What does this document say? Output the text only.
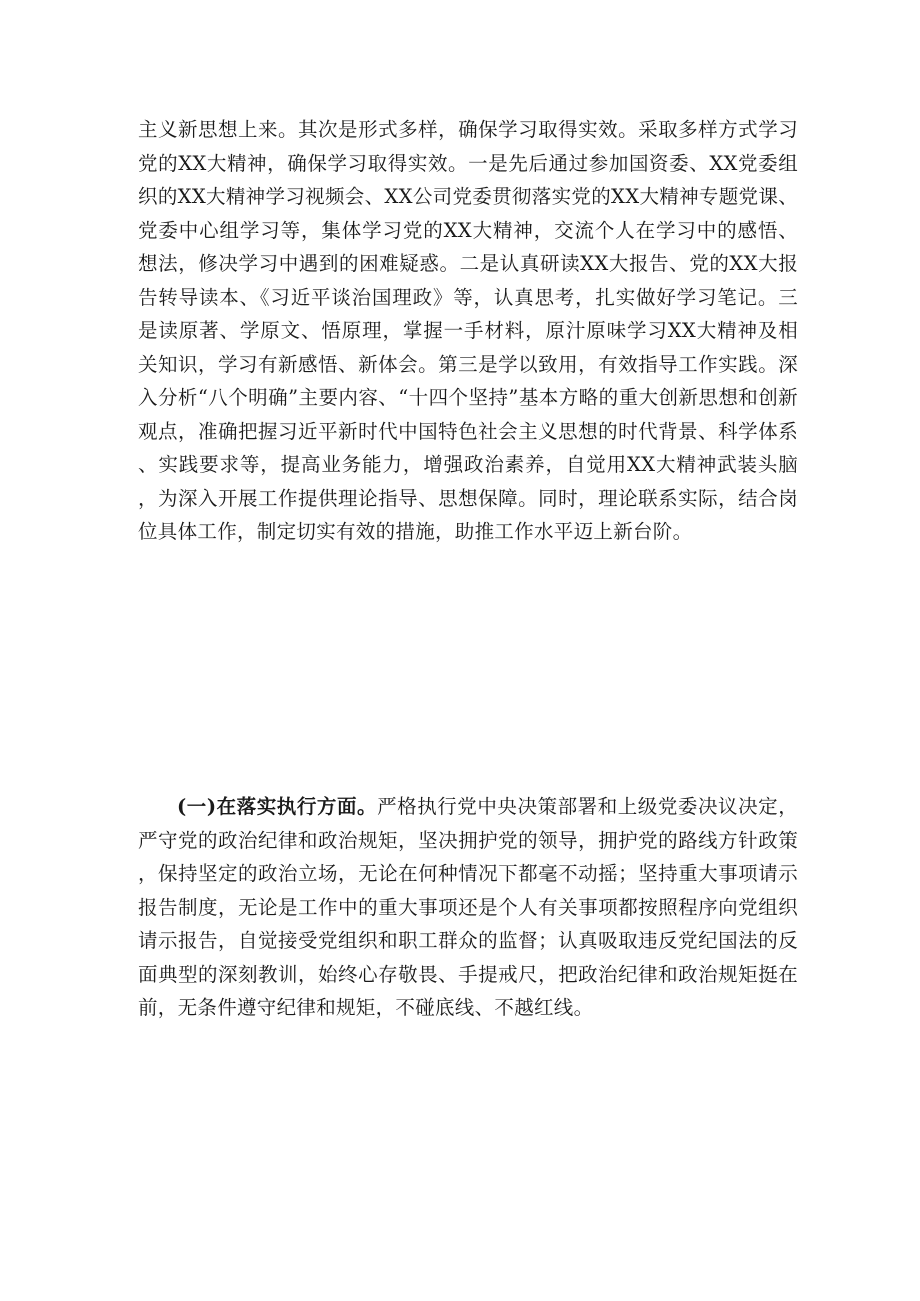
主义新思想上来。其次是形式多样，确保学习取得实效。采取多样方式学习党的XX大精神，确保学习取得实效。一是先后通过参加国资委、XX党委组织的XX大精神学习视频会、XX公司党委贯彻落实党的XX大精神专题党课、党委中心组学习等，集体学习党的XX大精神，交流个人在学习中的感悟、想法，修决学习中遇到的困难疑惑。二是认真研读XX大报告、党的XX大报告转导读本、《习近平谈治国理政》等，认真思考，扎实做好学习笔记。三是读原著、学原文、悟原理，掌握一手材料，原汁原味学习XX大精神及相关知识，学习有新感悟、新体会。第三是学以致用，有效指导工作实践。深入分析“八个明确”主要内容、“十四个坚持”基本方略的重大创新思想和创新观点，准确把握习近平新时代中国特色社会主义思想的时代背景、科学体系、实践要求等，提高业务能力，增强政治素养，自觉用XX大精神武装头脑，为深入开展工作提供理论指导、思想保障。同时，理论联系实际，结合岗位具体工作，制定切实有效的措施，助推工作水平迈上新台阶。

(一)在落实执行方面。严格执行党中央决策部署和上级党委决议决定，严守党的政治纪律和政治规矩，坚决拥护党的领导，拥护党的路线方针政策，保持坚定的政治立场，无论在何种情况下都毫不动摇；坚持重大事项请示报告制度，无论是工作中的重大事项还是个人有关事项都按照程序向党组织请示报告，自觉接受党组织和职工群众的监督；认真吸取违反党纪国法的反面典型的深刻教训，始终心存敬畏、手提戒尺，把政治纪律和政治规矩挺在前，无条件遵守纪律和规矩，不碰底线、不越红线。
